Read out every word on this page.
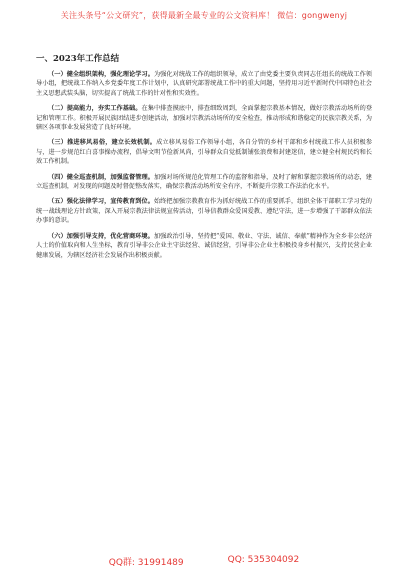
关注头条号“公文研究”，获得最新全最专业的公文资料库！ 微信：gongwenyj
一、2023年工作总结

（一）健全组织架构，强化理论学习。为强化对统战工作的组织领导，成立了由党委主要负责同志任组长的统战工作领导小组，把统战工作纳入乡党委年度工作计划中，认真研究部署统战工作中的重大问题，坚持用习近平新时代中国特色社会主义思想武装头脑，切实提高了统战工作的针对性和实效性。

（二）提高能力，夯实工作基础。在集中排查摸底中，排查细致周到，全面掌握宗教基本情况，做好宗教活动场所的登记和管理工作。积极开展民族团结进步创建活动，加强对宗教活动场所的安全检查，推动形成和谐稳定的民族宗教关系，为辖区各项事业发展营造了良好环境。

（三）推进移风易俗，建立长效机制。成立移风易俗工作领导小组，各自分管的乡村干部和乡村统战工作人员积极参与，进一步规范红白喜事操办流程，倡导文明节俭新风尚，引导群众自觉抵制铺张浪费和封建迷信，建立健全村规民约和长效工作机制。

（四）健全巡查机制，加强监督管理。加强对场所规范化管理工作的监督和指导，及时了解和掌握宗教场所的动态，建立巡查机制，对发现的问题及时督促整改落实，确保宗教活动场所安全有序，不断提升宗教工作法治化水平。

（五）强化法律学习，宣传教育到位。始终把加强宗教教育作为抓好统战工作的重要抓手，组织全体干部职工学习党的统一战线理论方针政策，深入开展宗教法律法规宣传活动，引导信教群众爱国爱教、遵纪守法，进一步增强了干部群众依法办事的意识。

（六）加强引导支持，优化营商环境。加强政治引导，坚持把“爱国、敬业、守法、诚信、奉献”精神作为全乡非公经济人士的价值取向和人生坐标，教育引导非公企业主守法经营、诚信经营，引导非公企业主积极投身乡村振兴，支持民营企业健康发展，为辖区经济社会发展作出积极贡献。

QQ群: 31991489	QQ: 535304092
